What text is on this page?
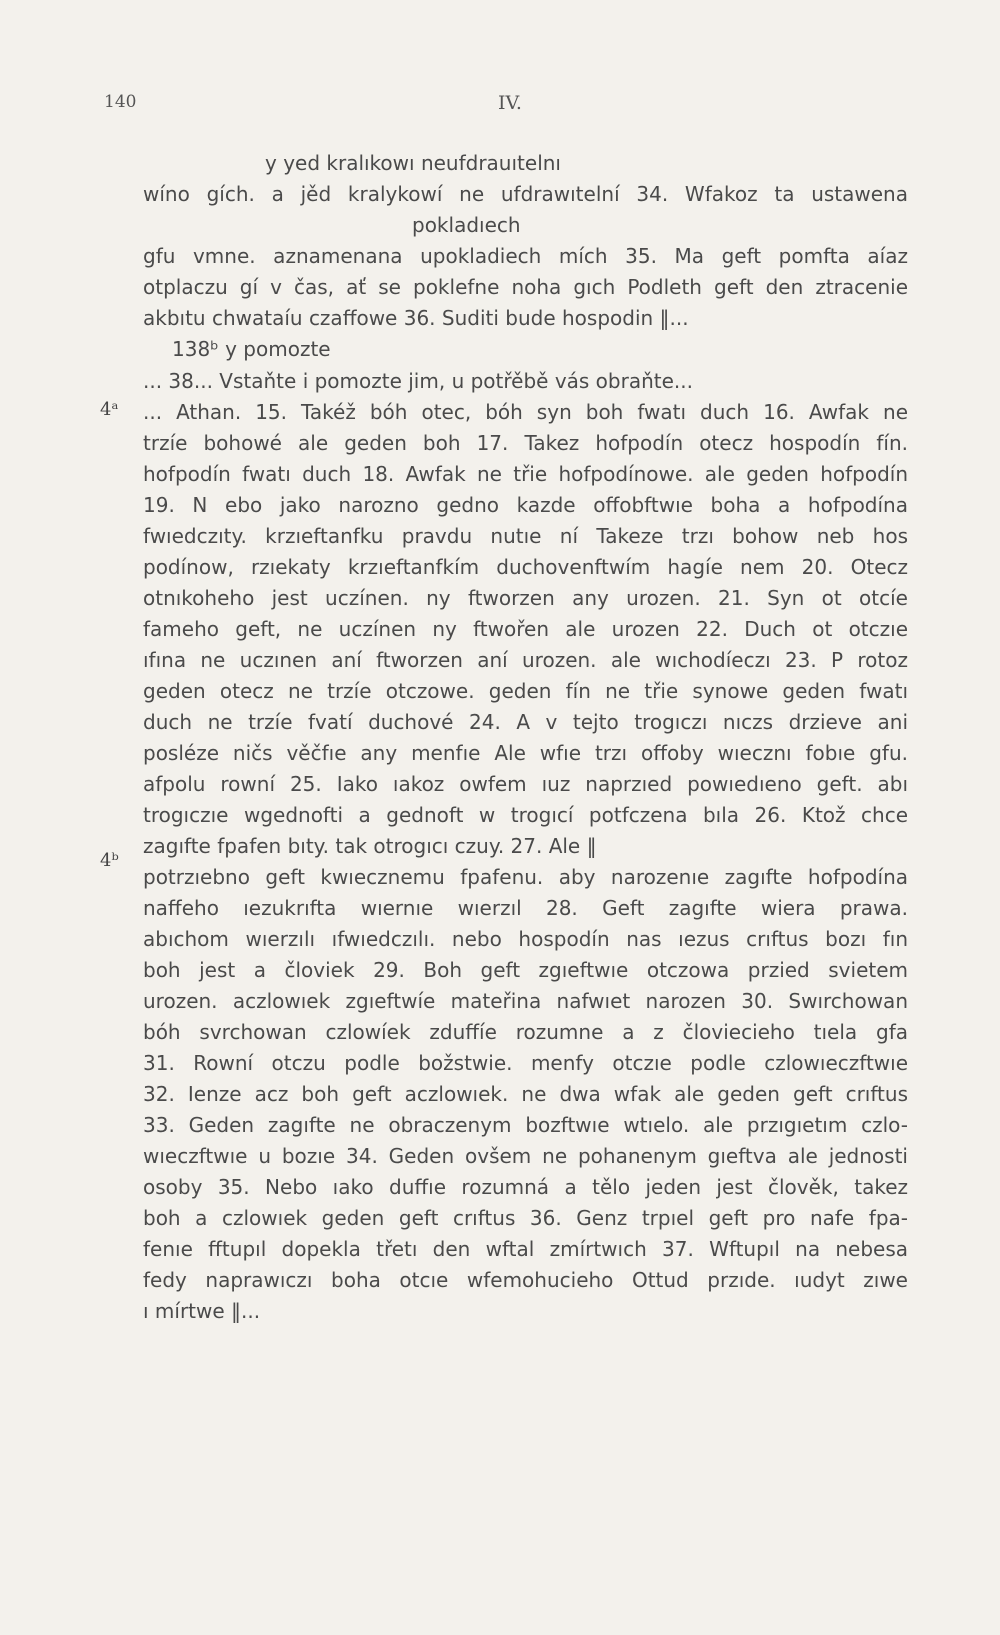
140	IV.
y yed kralıkowı neufdrauıtelnı
wíno gích. a jěd kralykowí ne ufdrawıtelní 34. Wfakoz ta ustawena
pokladıech
gfu vmne. aznamenana upokladiech mích 35. Ma geft pomfta aíaz
otplaczu gí v čas, ať se poklefne noha gıch Podleth geft den ztracenie
akbıtu chwataíu czaffowe 36. Suditi bude hospodin ‖...
138ᵇ y pomozte
... 38... Vstaňte i pomozte jim, u potřěbě vás obraňte...
... Athan. 15. Takéž bóh otec, bóh syn boh fwatı duch 16. Awfak ne
trzíe bohowé ale geden boh 17. Takez hofpodín otecz hospodín fín.
hofpodín fwatı duch 18. Awfak ne třie hofpodínowe. ale geden hofpodín
19. N ebo jako narozno gedno kazde offobftwıe boha a hofpodína
fwıedczıty. krzıeftanfku pravdu nutıe ní Takeze trzı bohow neb hos
podínow, rzıekaty krzıeftanfkím duchovenftwím hagíe nem 20. Otecz
otnıkoheho jest uczínen. ny ftworzen any urozen. 21. Syn ot otcíe
fameho geft, ne uczínen ny ftwořen ale urozen 22. Duch ot otczıe
ıfına ne uczınen aní ftworzen aní urozen. ale wıchodíeczı 23. P rotoz
geden otecz ne trzíe otczowe. geden fín ne třie synowe geden fwatı
duch ne trzíe fvatí duchové 24. A v tejto trogıczı nıczs drzieve ani
posléze ničs věčfıe any menfıe Ale wfıe trzı offoby wıecznı fobıe gfu.
afpolu rowní 25. Iako ıakoz owfem ıuz naprzıed powıedıeno geft. abı
trogıczıe wgednofti a gednoft w trogıcí potfczena bıla 26. Ktož chce
zagıfte fpafen bıty. tak otrogıcı czuy. 27. Ale ‖
potrzıebno geft kwıecznemu fpafenu. aby narozenıe zagıfte hofpodína
naffeho ıezukrıfta wıernıe wıerzıl 28. Geft zagıfte wiera prawa.
abıchom wıerzılı ıfwıedczılı. nebo hospodín nas ıezus crıftus bozı fın
boh jest a človiek 29. Boh geft zgıeftwıe otczowa przied svietem
urozen. aczlowıek zgıeftwíe mateřina nafwıet narozen 30. Swırchowan
bóh svrchowan czlowíek zduffíe rozumne a z človiecieho tıela gfa
31. Rowní otczu podle božstwie. menfy otczıe podle czlowıeczftwıe
32. Ienze acz boh geft aczlowıek. ne dwa wfak ale geden geft crıftus
33. Geden zagıfte ne obraczenym bozftwıe wtıelo. ale przıgıetım czlo-
wıeczftwıe u bozıe 34. Geden ovšem ne pohanenym gıeftva ale jednosti
osoby 35. Nebo ıako duffıe rozumná a tělo jeden jest člověk, takez
boh a czlowıek geden geft crıftus 36. Genz trpıel geft pro nafe fpa-
fenıe fftupıl dopekla třetı den wftal zmírtwıch 37. Wftupıl na nebesa
fedy naprawıczı boha otcıe wfemohucieho Ottud przıde. ıudyt zıwe
ı mírtwe ‖...
4ᵃ
4ᵇ
